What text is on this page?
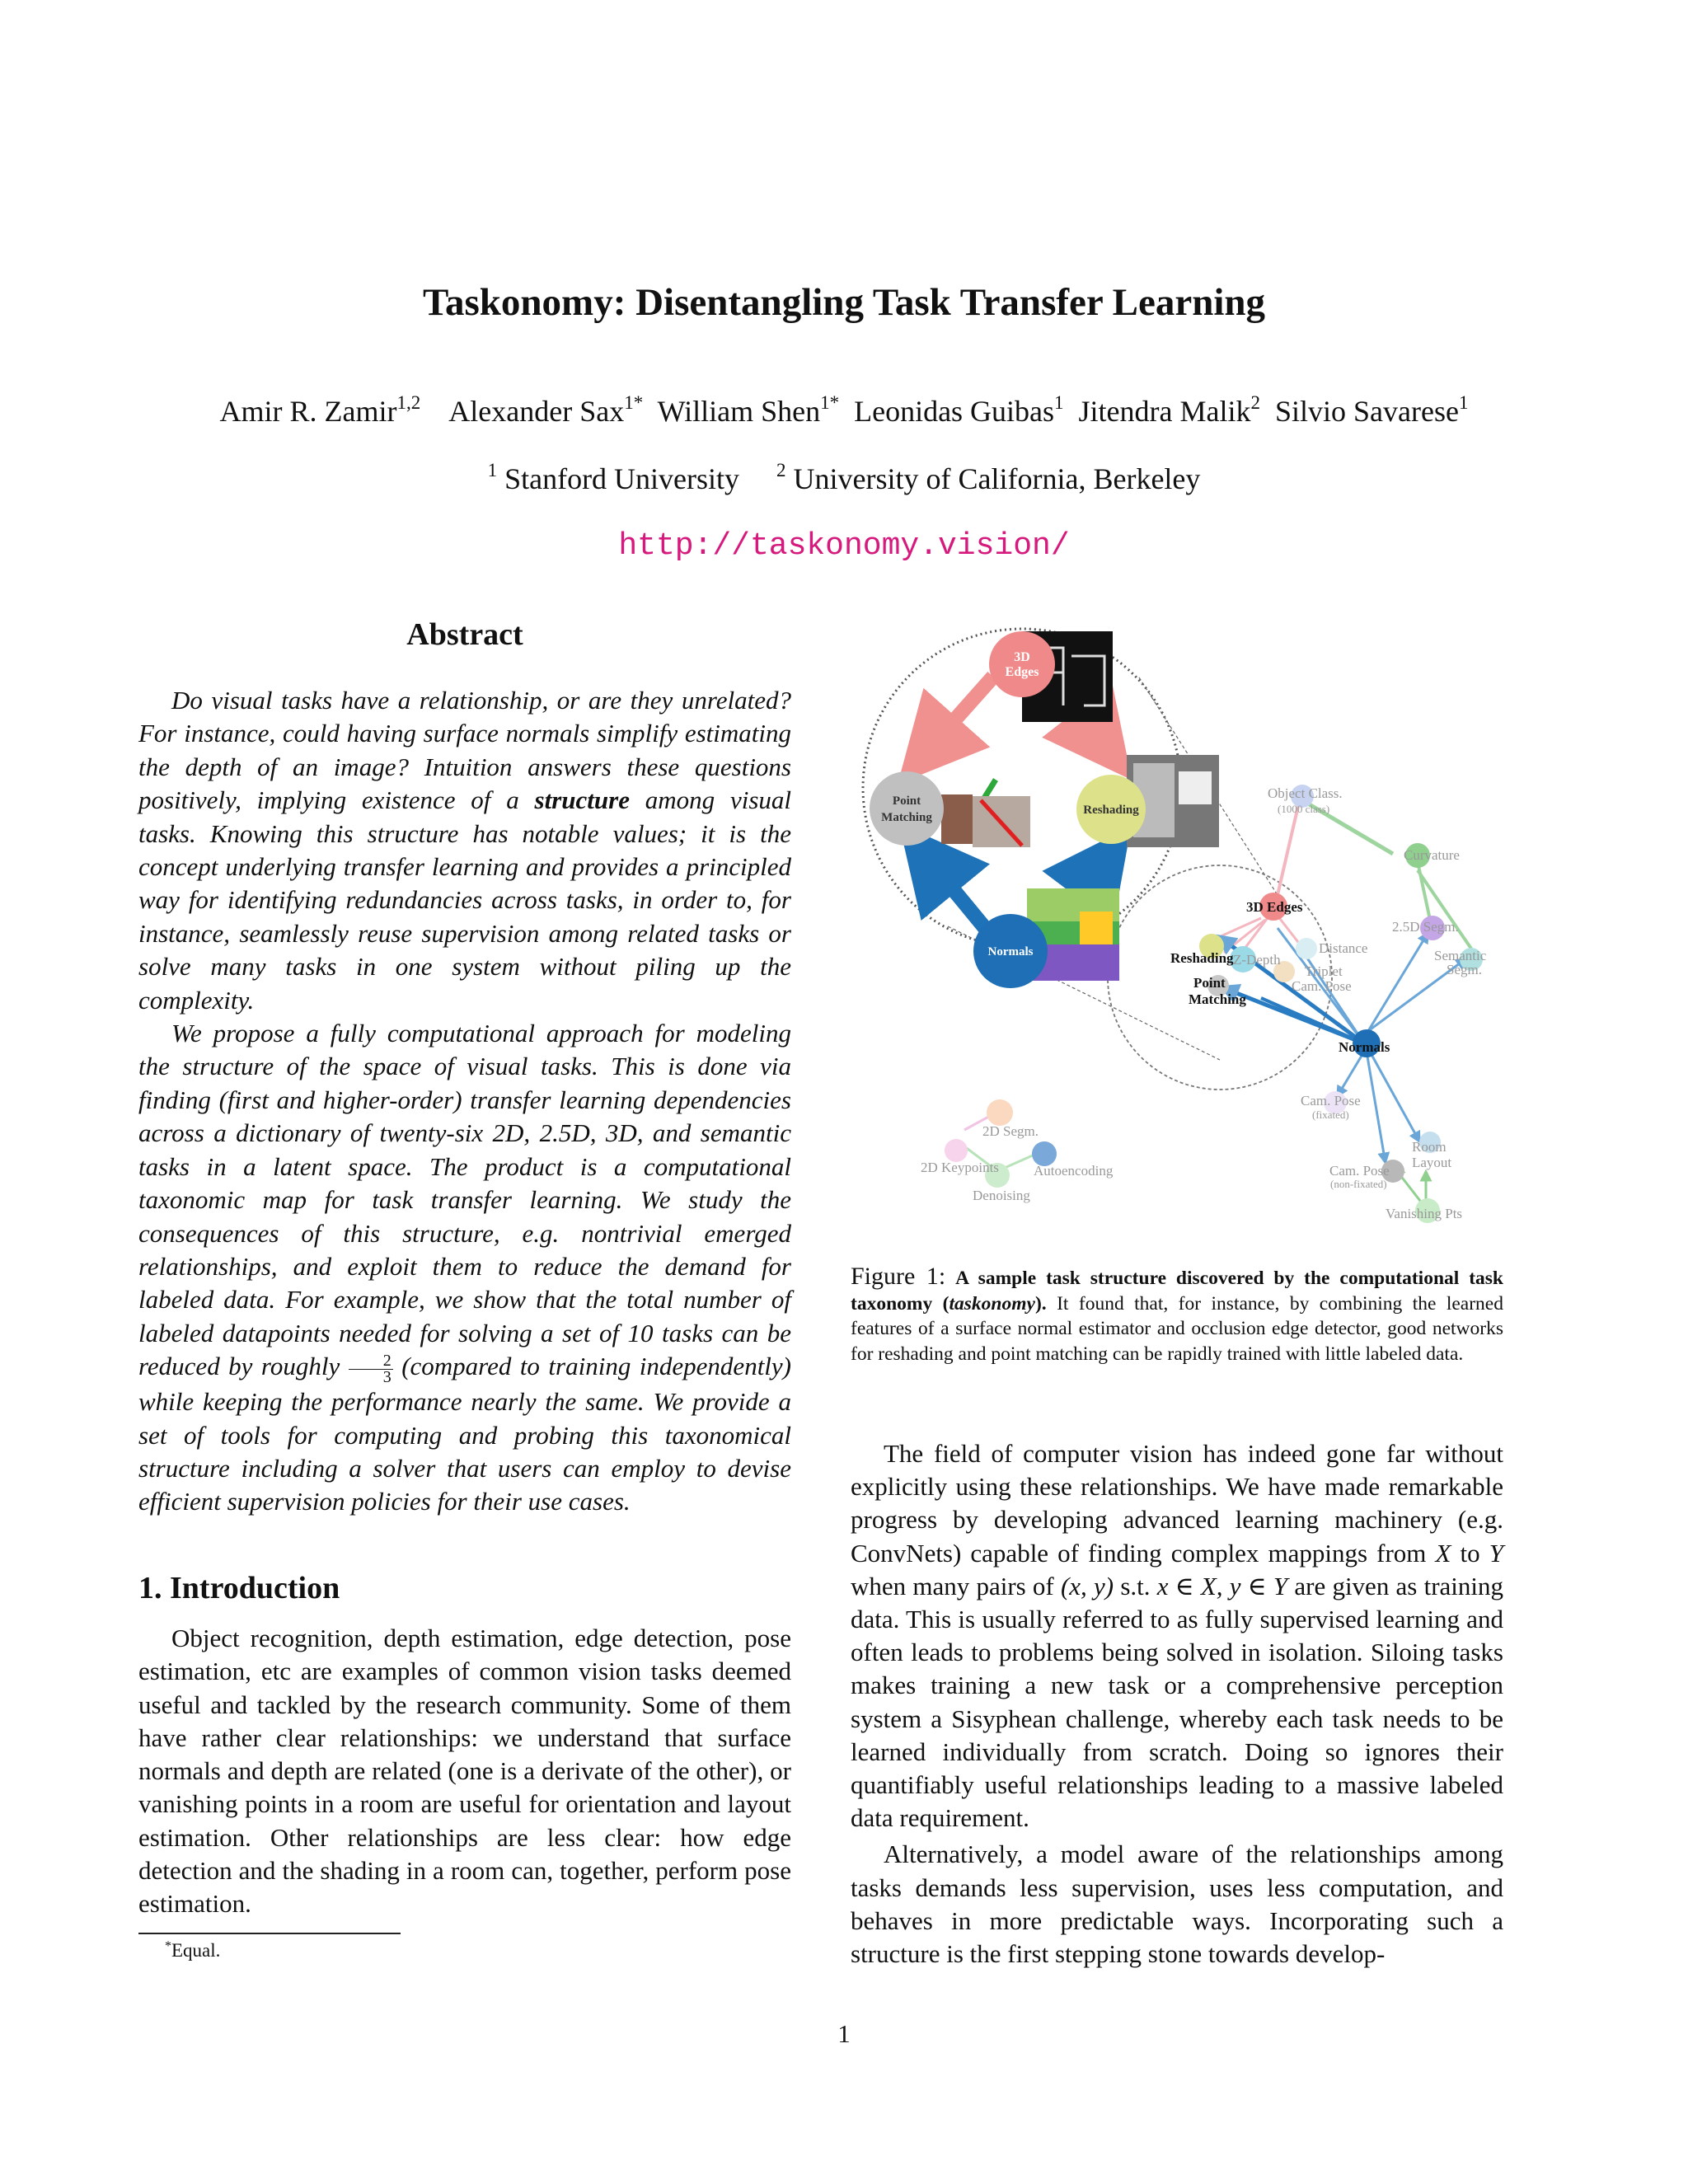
Taskonomy: Disentangling Task Transfer Learning
Amir R. Zamir$^{1,2}$ Alexander Sax$^{1*}$ William Shen$^{1*}$ Leonidas Guibas$^1$ Jitendra Malik$^2$ Silvio Savarese$^1$
$^1$ Stanford University $^2$ University of California, Berkeley
http://taskonomy.vision/
Abstract

Do visual tasks have a relationship, or are they unrelated? For instance, could having surface normals simplify estimating the depth of an image? Intuition answers these questions positively, implying existence of a structure among visual tasks. Knowing this structure has notable values; it is the concept underlying transfer learning and provides a principled way for identifying redundancies across tasks, in order to, for instance, seamlessly reuse supervision among related tasks or solve many tasks in one system without piling up the complexity.

We propose a fully computational approach for modeling the structure of the space of visual tasks. This is done via finding (first and higher-order) transfer learning dependencies across a dictionary of twenty-six 2D, 2.5D, 3D, and semantic tasks in a latent space. The product is a computational taxonomic map for task transfer learning. We study the consequences of this structure, e.g. nontrivial emerged relationships, and exploit them to reduce the demand for labeled data. For example, we show that the total number of labeled datapoints needed for solving a set of 10 tasks can be reduced by roughly $\frac{2}{3}$ (compared to training independently) while keeping the performance nearly the same. We provide a set of tools for computing and probing this taxonomical structure including a solver that users can employ to devise efficient supervision policies for their use cases.

1. Introduction

Object recognition, depth estimation, edge detection, pose estimation, etc are examples of common vision tasks deemed useful and tackled by the research community. Some of them have rather clear relationships: we understand that surface normals and depth are related (one is a derivate of the other), or vanishing points in a room are useful for orientation and layout estimation. Other relationships are less clear: how edge detection and the shading in a room can, together, perform pose estimation.

*Equal.
3D
Edges
Point
Matching
Reshading
Normals
Object Class.
(1000 class)
Curvature
2.5D Segm.
Semantic
Segm.
Z-Depth
Distance
Triplet
Cam. Pose
Cam. Pose
(fixated)
Room
Layout
Cam. Pose
(non-fixated)
Vanishing Pts
2D Segm.
2D Keypoints Autoencoding
Denoising
3D Edges
Reshading
Point
Matching
Normals
Figure 1: A sample task structure discovered by the computational task taxonomy (taskonomy). It found that, for instance, by combining the learned features of a surface normal estimator and occlusion edge detector, good networks for reshading and point matching can be rapidly trained with little labeled data.

The field of computer vision has indeed gone far without explicitly using these relationships. We have made remarkable progress by developing advanced learning machinery (e.g. ConvNets) capable of finding complex mappings from X to Y when many pairs of (x, y) s.t. x ∈ X, y ∈ Y are given as training data. This is usually referred to as fully supervised learning and often leads to problems being solved in isolation. Siloing tasks makes training a new task or a comprehensive perception system a Sisyphean challenge, whereby each task needs to be learned individually from scratch. Doing so ignores their quantifiably useful relationships leading to a massive labeled data requirement.

Alternatively, a model aware of the relationships among tasks demands less supervision, uses less computation, and behaves in more predictable ways. Incorporating such a structure is the first stepping stone towards develop-

1
